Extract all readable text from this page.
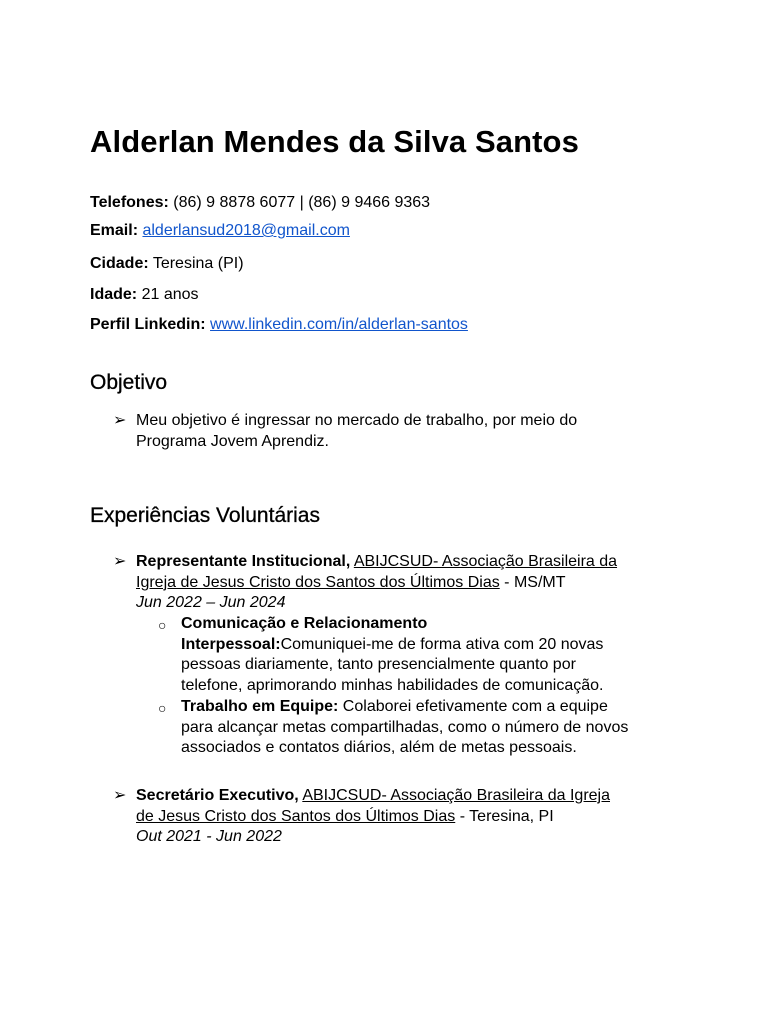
Alderlan Mendes da Silva Santos
Telefones: (86) 9 8878 6077 | (86) 9 9466 9363
Email: alderlansud2018@gmail.com
Cidade: Teresina (PI)
Idade: 21 anos
Perfil Linkedin: www.linkedin.com/in/alderlan-santos
Objetivo
➢ Meu objetivo é ingressar no mercado de trabalho, por meio do
Programa Jovem Aprendiz.
Experiências Voluntárias
➢ Representante Institucional, ABIJCSUD- Associação Brasileira da
Igreja de Jesus Cristo dos Santos dos Últimos Dias - MS/MT
Jun 2022 – Jun 2024
○ Comunicação e Relacionamento
Interpessoal:Comuniquei-me de forma ativa com 20 novas
pessoas diariamente, tanto presencialmente quanto por
telefone, aprimorando minhas habilidades de comunicação.
○ Trabalho em Equipe: Colaborei efetivamente com a equipe
para alcançar metas compartilhadas, como o número de novos
associados e contatos diários, além de metas pessoais.
➢ Secretário Executivo, ABIJCSUD- Associação Brasileira da Igreja
de Jesus Cristo dos Santos dos Últimos Dias - Teresina, PI
Out 2021 - Jun 2022
